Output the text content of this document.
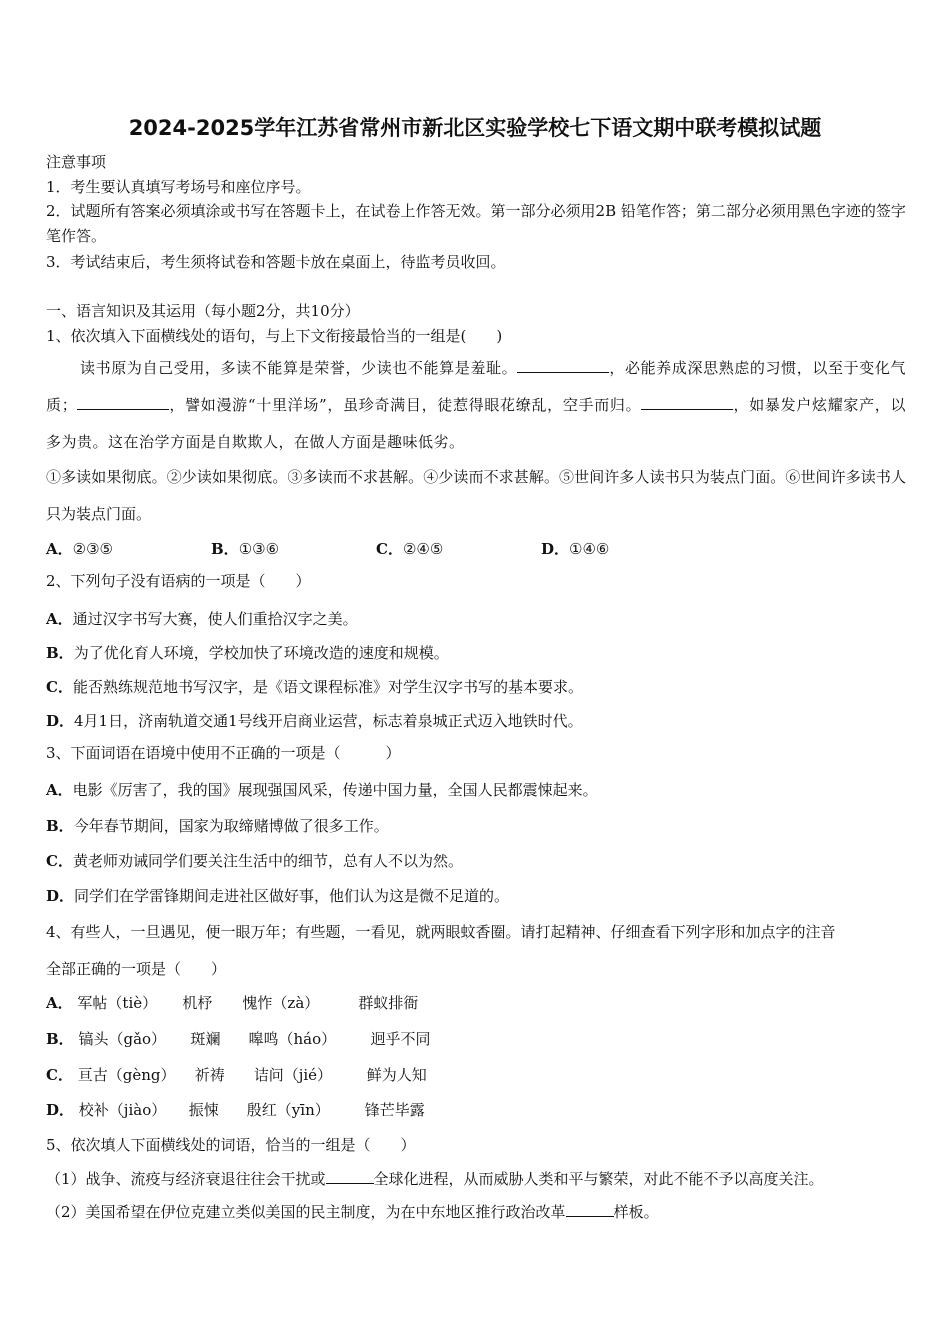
2024-2025学年江苏省常州市新北区实验学校七下语文期中联考模拟试题
注意事项
1．考生要认真填写考场号和座位序号。
2．试题所有答案必须填涂或书写在答题卡上，在试卷上作答无效。第一部分必须用2B 铅笔作答；第二部分必须用黑色字迹的签字笔作答。
3．考试结束后，考生须将试卷和答题卡放在桌面上，待监考员收回。
一、语言知识及其运用（每小题2分，共10分）
1、依次填入下面横线处的语句，与上下文衔接最恰当的一组是(　　)
读书原为自己受用，多读不能算是荣誉，少读也不能算是羞耻。	，必能养成深思熟虑的习惯，以至于变化气质；	，譬如漫游“十里洋场”，虽珍奇满目，徒惹得眼花缭乱，空手而归。	，如暴发户炫耀家产，以多为贵。这在治学方面是自欺欺人，在做人方面是趣味低劣。
①多读如果彻底。②少读如果彻底。③多读而不求甚解。④少读而不求甚解。⑤世间许多人读书只为装点门面。⑥世间许多读书人只为装点门面。
A．②③⑤	B．①③⑥	C．②④⑤	D．①④⑥
2、下列句子没有语病的一项是（　　）
A．通过汉字书写大赛，使人们重拾汉字之美。
B．为了优化育人环境，学校加快了环境改造的速度和规模。
C．能否熟练规范地书写汉字，是《语文课程标准》对学生汉字书写的基本要求。
D．4月1日，济南轨道交通1号线开启商业运营，标志着泉城正式迈入地铁时代。
3、下面词语在语境中使用不正确的一项是（　　　）
A．电影《厉害了，我的国》展现强国风采，传递中国力量，全国人民都震悚起来。
B．今年春节期间，国家为取缔赌博做了很多工作。
C．黄老师劝诫同学们要关注生活中的细节，总有人不以为然。
D．同学们在学雷锋期间走进社区做好事，他们认为这是微不足道的。
4、有些人，一旦遇见，便一眼万年；有些题，一看见，就两眼蚊香圈。请打起精神、仔细查看下列字形和加点字的注音
全部正确的一项是（　　）
A． 军帖（tiè） 机杼 愧怍（zà）	群蚁排衙
B． 镐头（gǎo） 斑斓 嗥鸣（háo） 迥乎不同
C． 亘古（gèng） 祈祷 诘问（jié） 鲜为人知
D． 校补（jiào） 振悚 殷红（yīn） 锋芒毕露
5、依次填人下面横线处的词语，恰当的一组是（　　）
（1）战争、流疫与经济衰退往往会干扰或	全球化进程，从而威胁人类和平与繁荣，对此不能不予以高度关注。
（2）美国希望在伊位克建立类似美国的民主制度，为在中东地区推行政治改革	样板。
